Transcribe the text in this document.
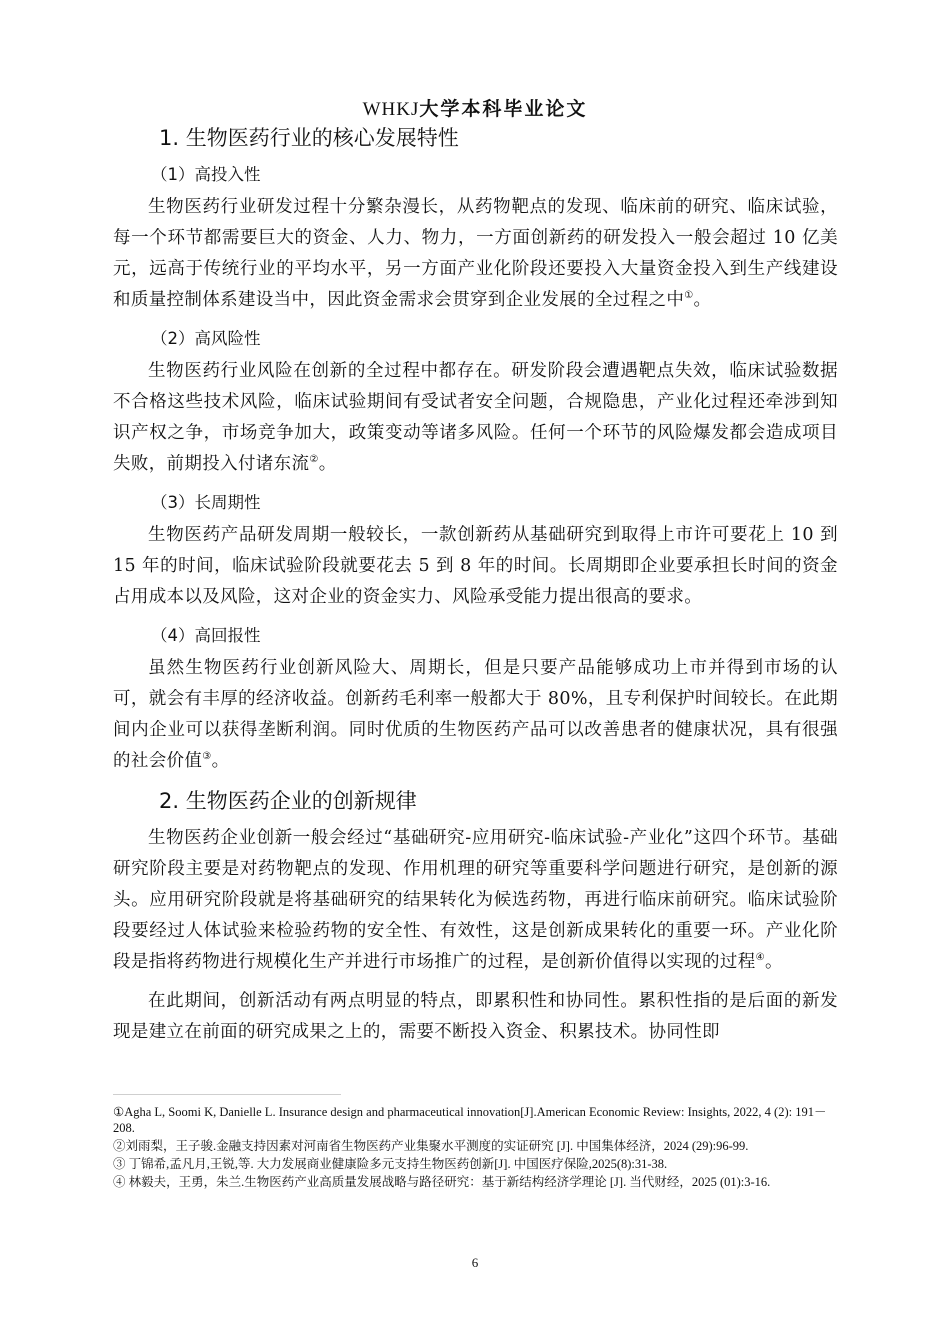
WHKJ大学本科毕业论文
1. 生物医药行业的核心发展特性
（1）高投入性

生物医药行业研发过程十分繁杂漫长，从药物靶点的发现、临床前的研究、临床试验，每一个环节都需要巨大的资金、人力、物力，一方面创新药的研发投入一般会超过 10 亿美元，远高于传统行业的平均水平，另一方面产业化阶段还要投入大量资金投入到生产线建设和质量控制体系建设当中，因此资金需求会贯穿到企业发展的全过程之中①。

（2）高风险性

生物医药行业风险在创新的全过程中都存在。研发阶段会遭遇靶点失效，临床试验数据不合格这些技术风险，临床试验期间有受试者安全问题，合规隐患，产业化过程还牵涉到知识产权之争，市场竞争加大，政策变动等诸多风险。任何一个环节的风险爆发都会造成项目失败，前期投入付诸东流②。

（3）长周期性

生物医药产品研发周期一般较长，一款创新药从基础研究到取得上市许可要花上 10 到 15 年的时间，临床试验阶段就要花去 5 到 8 年的时间。长周期即企业要承担长时间的资金占用成本以及风险，这对企业的资金实力、风险承受能力提出很高的要求。

（4）高回报性

虽然生物医药行业创新风险大、周期长，但是只要产品能够成功上市并得到市场的认可，就会有丰厚的经济收益。创新药毛利率一般都大于 80%，且专利保护时间较长。在此期间内企业可以获得垄断利润。同时优质的生物医药产品可以改善患者的健康状况，具有很强的社会价值③。

2. 生物医药企业的创新规律

生物医药企业创新一般会经过“基础研究-应用研究-临床试验-产业化”这四个环节。基础研究阶段主要是对药物靶点的发现、作用机理的研究等重要科学问题进行研究，是创新的源头。应用研究阶段就是将基础研究的结果转化为候选药物，再进行临床前研究。临床试验阶段要经过人体试验来检验药物的安全性、有效性，这是创新成果转化的重要一环。产业化阶段是指将药物进行规模化生产并进行市场推广的过程，是创新价值得以实现的过程④。

在此期间，创新活动有两点明显的特点，即累积性和协同性。累积性指的是后面的新发现是建立在前面的研究成果之上的，需要不断投入资金、积累技术。协同性即

①Agha L, Soomi K, Danielle L. Insurance design and pharmaceutical innovation[J].American Economic Review: Insights, 2022, 4 (2): 191－208.

②刘雨梨，王子骏.金融支持因素对河南省生物医药产业集聚水平测度的实证研究 [J]. 中国集体经济，2024 (29):96-99.

③ 丁锦希,孟凡月,王锐,等. 大力发展商业健康险多元支持生物医药创新[J]. 中国医疗保险,2025(8):31-38.

④ 林毅夫，王勇，朱兰.生物医药产业高质量发展战略与路径研究：基于新结构经济学理论 [J]. 当代财经，2025 (01):3-16.

6
